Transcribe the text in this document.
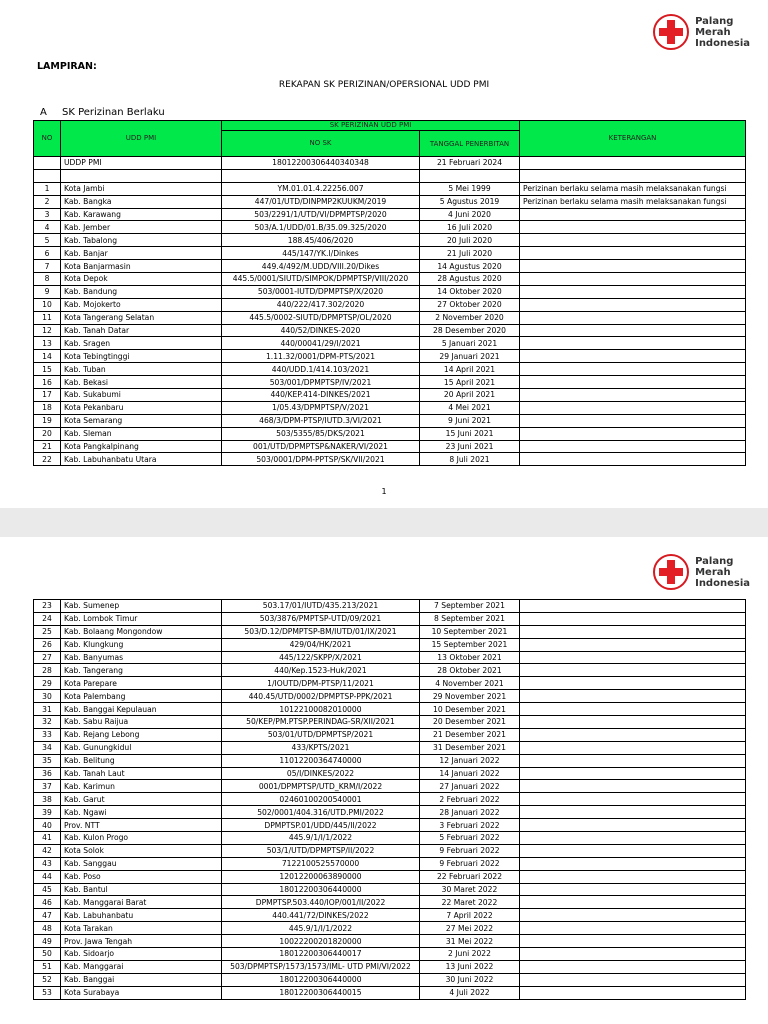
Palang
Merah
Indonesia
LAMPIRAN:
REKAPAN SK PERIZINAN/OPERSIONAL UDD PMI
A SK Perizinan Berlaku
NO	UDD PMI	SK PERIZINAN UDD PMI		KETERANGAN
		NO SK	TANGGAL PENERBITAN	
	UDDP PMI	18012200306440340348	21 Februari 2024	

1	Kota Jambi	YM.01.01.4.22256.007	5 Mei 1999	Perizinan berlaku selama masih melaksanakan fungsi
2	Kab. Bangka	447/01/UTD/DINPMP2KUUKM/2019	5 Agustus 2019	Perizinan berlaku selama masih melaksanakan fungsi
3	Kab. Karawang	503/2291/1/UTD/VI/DPMPTSP/2020	4 Juni 2020	
4	Kab. Jember	503/A.1/UDD/01.B/35.09.325/2020	16 Juli 2020	
5	Kab. Tabalong	188.45/406/2020	20 Juli 2020	
6	Kab. Banjar	445/147/YK.I/Dinkes	21 Juli 2020	
7	Kota Banjarmasin	449.4/492/M.UDD/VIII.20/Dikes	14 Agustus 2020	
8	Kota Depok	445.5/0001/SIUTD/SIMPOK/DPMPTSP/VIII/2020	28 Agustus 2020	
9	Kab. Bandung	503/0001-IUTD/DPMPTSP/X/2020	14 Oktober 2020	
10	Kab. Mojokerto	440/222/417.302/2020	27 Oktober 2020	
11	Kota Tangerang Selatan	445.5/0002-SIUTD/DPMPTSP/OL/2020	2 November 2020	
12	Kab. Tanah Datar	440/52/DINKES-2020	28 Desember 2020	
13	Kab. Sragen	440/00041/29/I/2021	5 Januari 2021	
14	Kota Tebingtinggi	1.11.32/0001/DPM-PTS/2021	29 Januari 2021	
15	Kab. Tuban	440/UDD.1/414.103/2021	14 April 2021	
16	Kab. Bekasi	503/001/DPMPTSP/IV/2021	15 April 2021	
17	Kab. Sukabumi	440/KEP.414-DINKES/2021	20 April 2021	
18	Kota Pekanbaru	1/05.43/DPMPTSP/V/2021	4 Mei 2021	
19	Kota Semarang	468/3/DPM-PTSP/IUTD.3/VI/2021	9 Juni 2021	
20	Kab. Sleman	503/5355/85/DKS/2021	15 Juni 2021	
21	Kota Pangkalpinang	001/UTD/DPMPTSP&NAKER/VI/2021	23 Juni 2021	
22	Kab. Labuhanbatu Utara	503/0001/DPM-PPTSP/SK/VII/2021	8 Juli 2021	
1
Palang
Merah
Indonesia
23	Kab. Sumenep	503.17/01/IUTD/435.213/2021	7 September 2021	
24	Kab. Lombok Timur	503/3876/PMPTSP-UTD/09/2021	8 September 2021	
25	Kab. Bolaang Mongondow	503/D.12/DPMPTSP-BM/IUTD/01/IX/2021	10 September 2021	
26	Kab. Klungkung	429/04/HK/2021	15 September 2021	
27	Kab. Banyumas	445/122/SKPP/X/2021	13 Oktober 2021	
28	Kab. Tangerang	440/Kep.1523-Huk/2021	28 Oktober 2021	
29	Kota Parepare	1/IOUTD/DPM-PTSP/11/2021	4 November 2021	
30	Kota Palembang	440.45/UTD/0002/DPMPTSP-PPK/2021	29 November 2021	
31	Kab. Banggai Kepulauan	10122100082010000	10 Desember 2021	
32	Kab. Sabu Raijua	50/KEP/PM.PTSP.PERINDAG-SR/XII/2021	20 Desember 2021	
33	Kab. Rejang Lebong	503/01/UTD/DPMPTSP/2021	21 Desember 2021	
34	Kab. Gunungkidul	433/KPTS/2021	31 Desember 2021	
35	Kab. Belitung	11012200364740000	12 Januari 2022	
36	Kab. Tanah Laut	05/I/DINKES/2022	14 Januari 2022	
37	Kab. Karimun	0001/DPMPTSP/UTD_KRM/I/2022	27 Januari 2022	
38	Kab. Garut	02460100200540001	2 Februari 2022	
39	Kab. Ngawi	502/0001/404.316/UTD.PMI/2022	28 Januari 2022	
40	Prov. NTT	DPMPTSP.01/UDD/445/II/2022	3 Februari 2022	
41	Kab. Kulon Progo	445.9/1/I/1/2022	5 Februari 2022	
42	Kota Solok	503/1/UTD/DPMPTSP/II/2022	9 Februari 2022	
43	Kab. Sanggau	7122100525570000	9 Februari 2022	
44	Kab. Poso	12012200063890000	22 Februari 2022	
45	Kab. Bantul	18012200306440000	30 Maret 2022	
46	Kab. Manggarai Barat	DPMPTSP.503.440/IOP/001/II/2022	22 Maret 2022	
47	Kab. Labuhanbatu	440.441/72/DINKES/2022	7 April 2022	
48	Kota Tarakan	445.9/1/I/1/2022	27 Mei 2022	
49	Prov. Jawa Tengah	10022200201820000	31 Mei 2022	
50	Kab. Sidoarjo	18012200306440017	2 Juni 2022	
51	Kab. Manggarai	503/DPMPTSP/1573/1573/IML- UTD PMI/VI/2022	13 Juni 2022	
52	Kab. Banggai	18012200306440000	30 Juni 2022	
53	Kota Surabaya	18012200306440015	4 Juli 2022	
